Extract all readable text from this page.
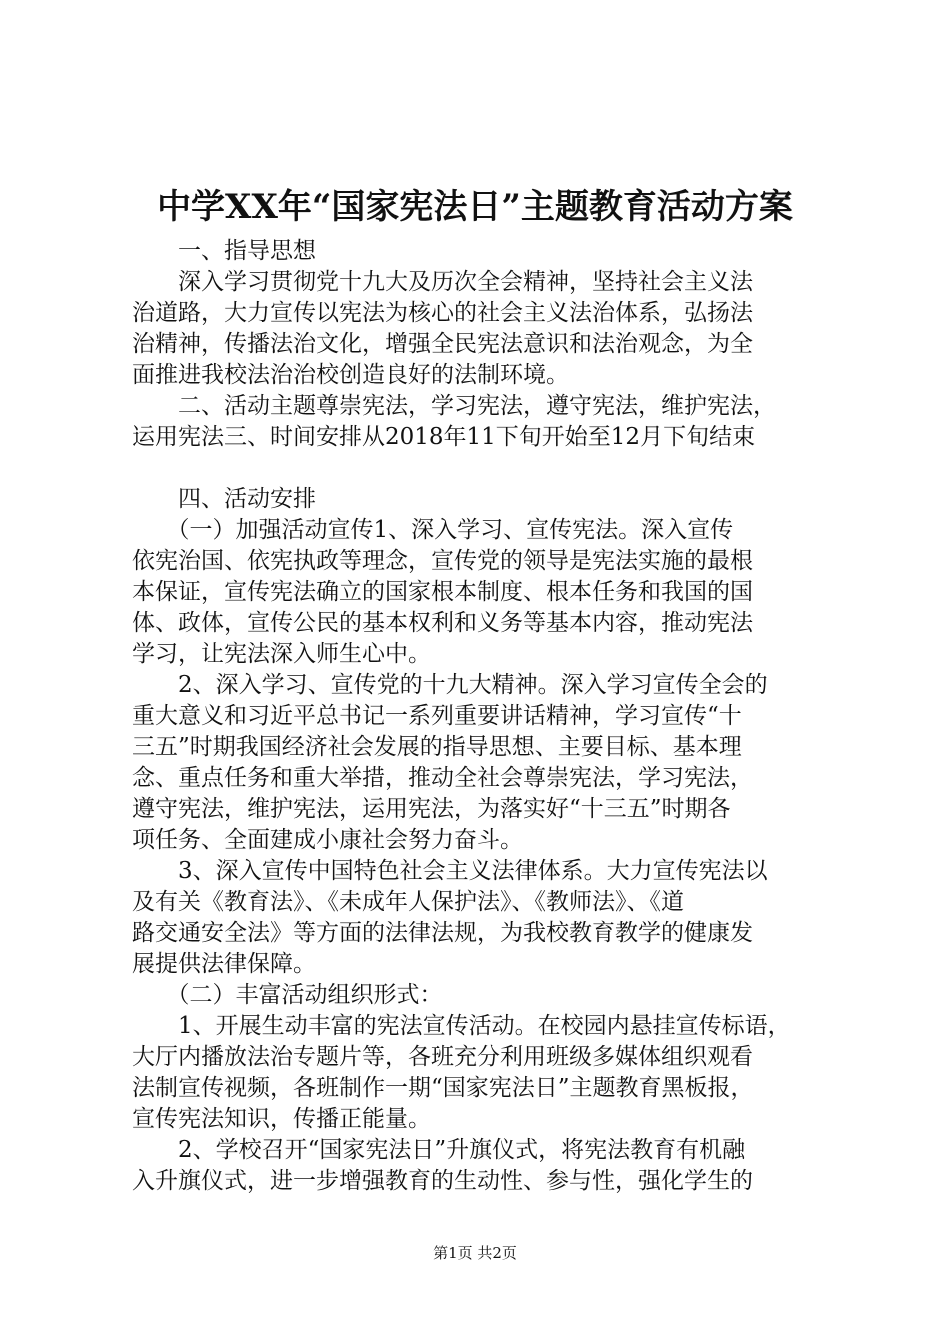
中学XX年“国家宪法日”主题教育活动方案
　　一、指导思想
　　深入学习贯彻党十九大及历次全会精神，坚持社会主义法
治道路，大力宣传以宪法为核心的社会主义法治体系，弘扬法
治精神，传播法治文化，增强全民宪法意识和法治观念，为全
面推进我校法治治校创造良好的法制环境。
　　二、活动主题尊崇宪法，学习宪法，遵守宪法，维护宪法，
运用宪法三、时间安排从2018年11下旬开始至12月下旬结束
　　四、活动安排
　　（一）加强活动宣传1、深入学习、宣传宪法。深入宣传
依宪治国、依宪执政等理念，宣传党的领导是宪法实施的最根
本保证，宣传宪法确立的国家根本制度、根本任务和我国的国
体、政体，宣传公民的基本权利和义务等基本内容，推动宪法
学习，让宪法深入师生心中。
　　2、深入学习、宣传党的十九大精神。深入学习宣传全会的
重大意义和习近平总书记一系列重要讲话精神，学习宣传“十
三五”时期我国经济社会发展的指导思想、主要目标、基本理
念、重点任务和重大举措，推动全社会尊崇宪法，学习宪法，
遵守宪法，维护宪法，运用宪法，为落实好“十三五”时期各
项任务、全面建成小康社会努力奋斗。
　　3、深入宣传中国特色社会主义法律体系。大力宣传宪法以
及有关《教育法》、《未成年人保护法》、《教师法》、《道
路交通安全法》等方面的法律法规，为我校教育教学的健康发
展提供法律保障。
　　（二）丰富活动组织形式：
　　1、开展生动丰富的宪法宣传活动。在校园内悬挂宣传标语，
大厅内播放法治专题片等，各班充分利用班级多媒体组织观看
法制宣传视频，各班制作一期“国家宪法日”主题教育黑板报，
宣传宪法知识，传播正能量。
　　2、学校召开“国家宪法日”升旗仪式，将宪法教育有机融
入升旗仪式，进一步增强教育的生动性、参与性，强化学生的
第1页 共2页
